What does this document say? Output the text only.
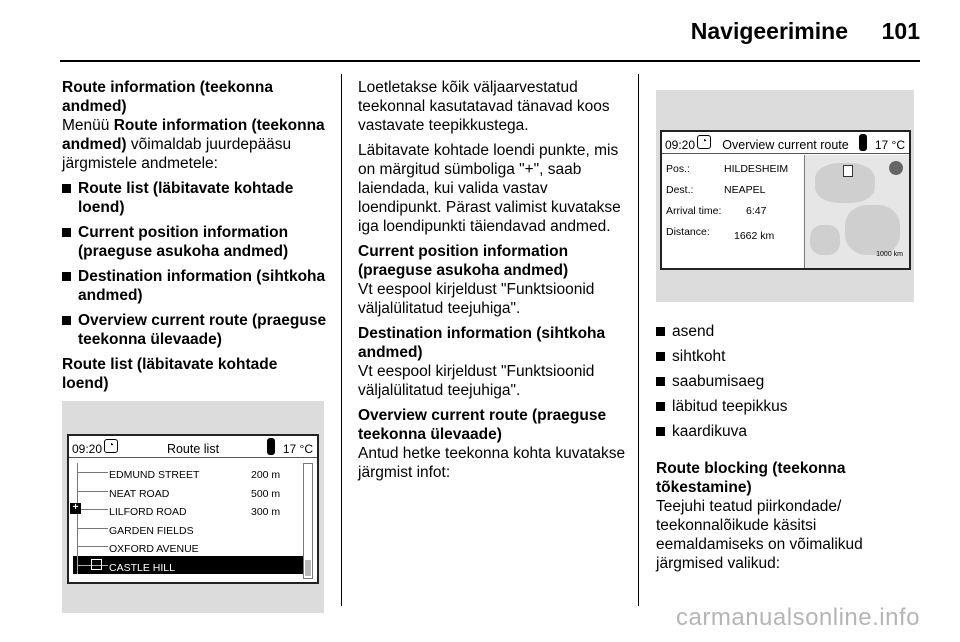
Navigeerimine 101
Route information (teekonna andmed)
Menüü Route information (teekonna andmed) võimaldab juurdepääsu järgmistele andmetele:
Route list (läbitavate kohtade loend)
Current position information (praeguse asukoha andmed)
Destination information (sihtkoha andmed)
Overview current route (praeguse teekonna ülevaade)
Route list (läbitavate kohtade loend)
09:20 ◔	Route list	17 °C
EDMUND STREET	200 m
NEAT ROAD	500 m
+	LILFORD ROAD	300 m
GARDEN FIELDS
OXFORD AVENUE
CASTLE HILL
Loetletakse kõik väljaarvestatud teekonnal kasutatavad tänavad koos vastavate teepikkustega.
Läbitavate kohtade loendi punkte, mis on märgitud sümboliga "+", saab laiendada, kui valida vastav loendipunkt. Pärast valimist kuvatakse iga loendipunkti täiendavad andmed.
Current position information (praeguse asukoha andmed)
Vt eespool kirjeldust "Funktsioonid väljalülitatud teejuhiga".
Destination information (sihtkoha andmed)
Vt eespool kirjeldust "Funktsioonid väljalülitatud teejuhiga".
Overview current route (praeguse teekonna ülevaade)
Antud hetke teekonna kohta kuvatakse järgmist infot:
09:20 ◔	Overview current route	17 °C
Pos.:	HILDESHEIM
Dest.:	NEAPEL
Arrival time: 6:47
Distance: 1662 km
1000 km
asend
sihtkoht
saabumisaeg
läbitud teepikkus
kaardikuva
Route blocking (teekonna tõkestamine)
Teejuhi teatud piirkondade/ teekonnalõikude käsitsi eemaldamiseks on võimalikud järgmised valikud:
carmanualsonline.info
